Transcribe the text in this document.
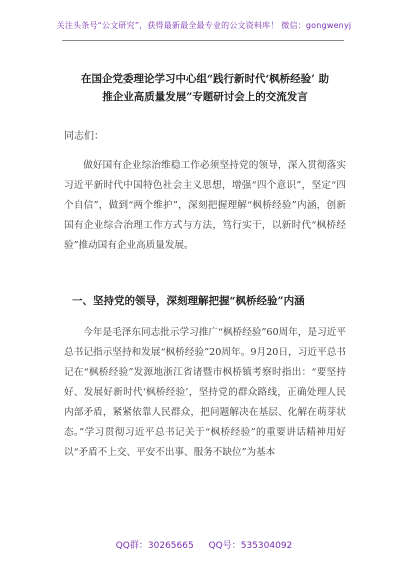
关注头条号“公文研究”，获得最新最全最专业的公文资料库！ 微信：gongwenyj
在国企党委理论学习中心组“践行新时代‘枫桥经验’ 助
推企业高质量发展”专题研讨会上的交流发言
同志们：
做好国有企业综治维稳工作必须坚持党的领导，深入贯彻落实习近平新时代中国特色社会主义思想，增强“四个意识”，坚定“四个自信”，做到“两个维护”，深刻把握理解“枫桥经验”内涵，创新国有企业综合治理工作方式与方法，笃行实干，以新时代“枫桥经验”推动国有企业高质量发展。
一、坚持党的领导，深刻理解把握“枫桥经验”内涵
今年是毛泽东同志批示学习推广“枫桥经验”60周年，是习近平总书记指示坚持和发展“枫桥经验”20周年。9月20日，习近平总书记在“枫桥经验”发源地浙江省诸暨市枫桥镇考察时指出：“要坚持好、发展好新时代‘枫桥经验’，坚持党的群众路线，正确处理人民内部矛盾，紧紧依靠人民群众，把问题解决在基层、化解在萌芽状态。”学习贯彻习近平总书记关于“枫桥经验”的重要讲话精神用好以“矛盾不上交、平安不出事、服务不缺位”为基本
QQ群：30265665 QQ号：535304092
